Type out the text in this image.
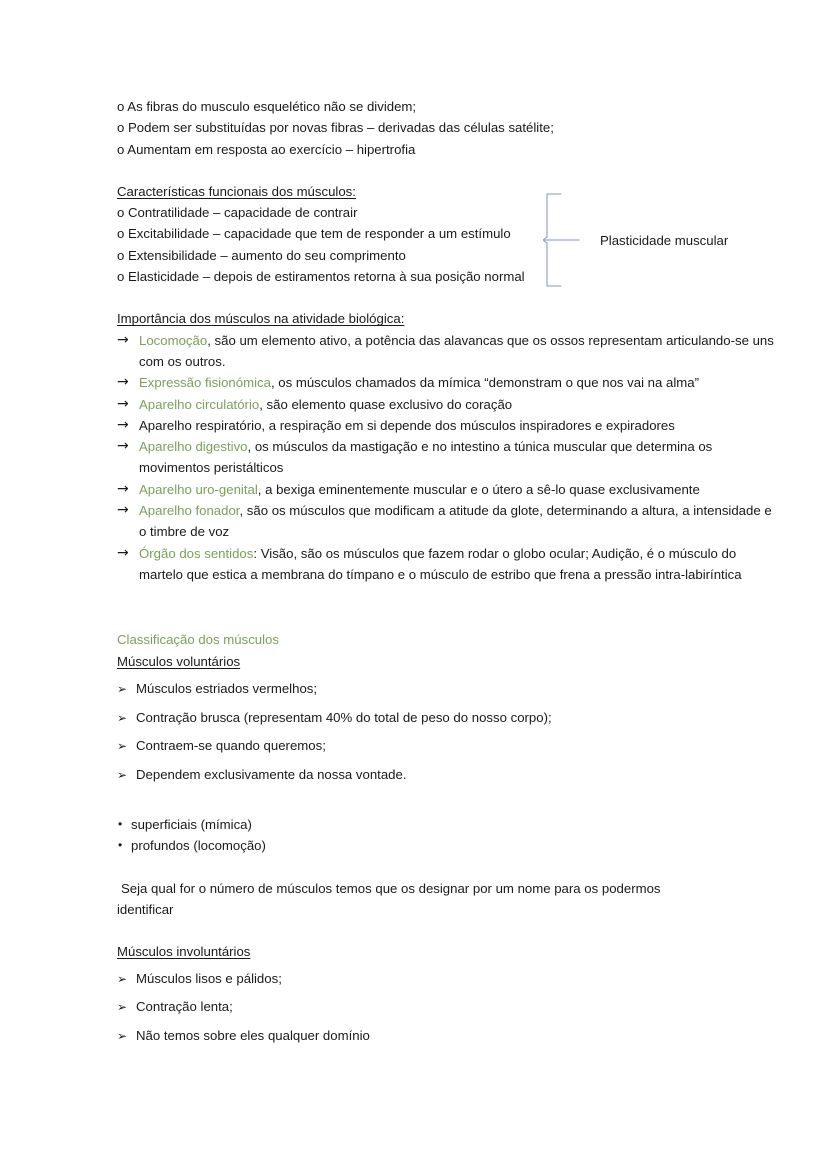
Plasticidade muscular
o As fibras do musculo esquelético não se dividem;
o Podem ser substituídas por novas fibras – derivadas das células satélite;
o Aumentam em resposta ao exercício – hipertrofia
Características funcionais dos músculos:
o Contratilidade – capacidade de contrair
o Excitabilidade – capacidade que tem de responder a um estímulo
o Extensibilidade – aumento do seu comprimento
o Elasticidade – depois de estiramentos retorna à sua posição normal
Importância dos músculos na atividade biológica:
→ Locomoção, são um elemento ativo, a potência das alavancas que os ossos representam articulando-se uns com os outros.
→ Expressão fisionómica, os músculos chamados da mímica “demonstram o que nos vai na alma”
→ Aparelho circulatório, são elemento quase exclusivo do coração
→ Aparelho respiratório, a respiração em si depende dos músculos inspiradores e expiradores
→ Aparelho digestivo, os músculos da mastigação e no intestino a túnica muscular que determina os movimentos peristálticos
→ Aparelho uro-genital, a bexiga eminentemente muscular e o útero a sê-lo quase exclusivamente
→ Aparelho fonador, são os músculos que modificam a atitude da glote, determinando a altura, a intensidade e o timbre de voz
→ Órgão dos sentidos: Visão, são os músculos que fazem rodar o globo ocular; Audição, é o músculo do martelo que estica a membrana do tímpano e o músculo de estribo que frena a pressão intra-labiríntica
Classificação dos músculos
Músculos voluntários
➢ Músculos estriados vermelhos;
➢ Contração brusca (representam 40% do total de peso do nosso corpo);
➢ Contraem-se quando queremos;
➢ Dependem exclusivamente da nossa vontade.
• superficiais (mímica)
• profundos (locomoção)
Seja qual for o número de músculos temos que os designar por um nome para os podermos identificar
Músculos involuntários
➢ Músculos lisos e pálidos;
➢ Contração lenta;
➢ Não temos sobre eles qualquer domínio
